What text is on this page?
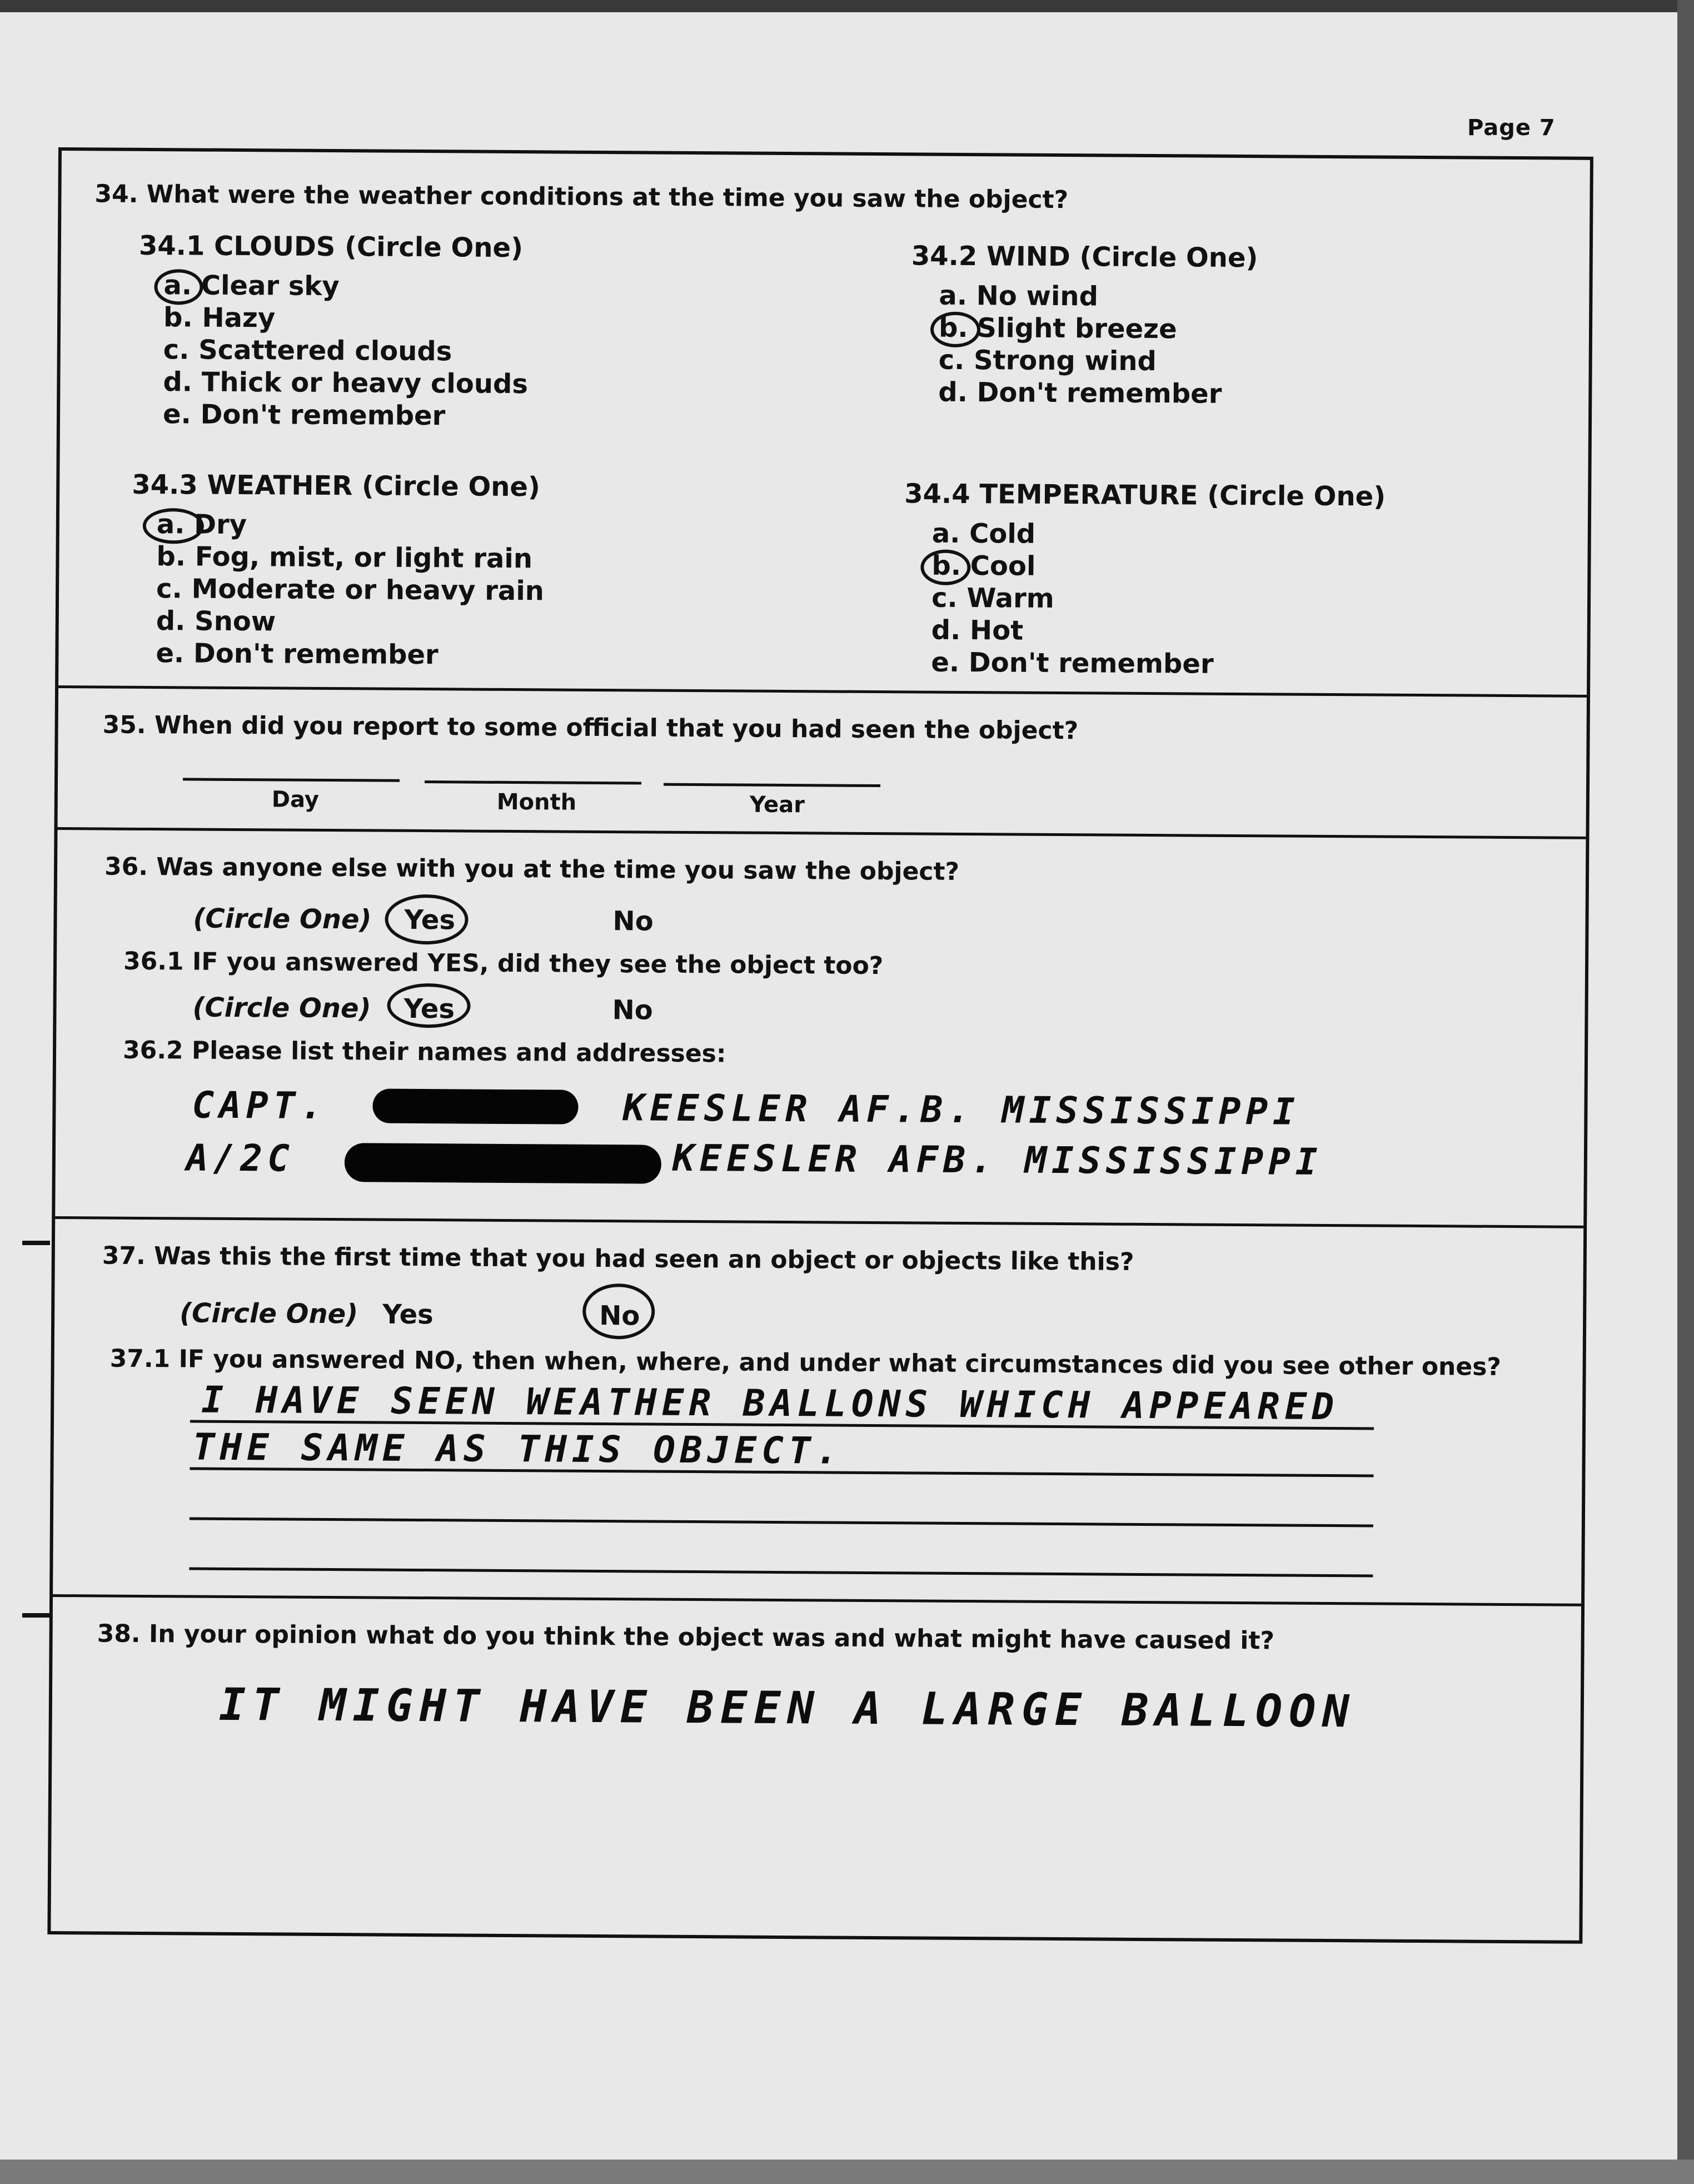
Page 7
34. What were the weather conditions at the time you saw the object?
34.1 CLOUDS (Circle One)
a. Clear sky
b. Hazy
c. Scattered clouds
d. Thick or heavy clouds
e. Don't remember
34.2 WIND (Circle One)
a. No wind
b. Slight breeze
c. Strong wind
d. Don't remember
34.3 WEATHER (Circle One)
a. Dry
b. Fog, mist, or light rain
c. Moderate or heavy rain
d. Snow
e. Don't remember
34.4 TEMPERATURE (Circle One)
a. Cold
b. Cool
c. Warm
d. Hot
e. Don't remember
35. When did you report to some official that you had seen the object?
Day	Month	Year
36. Was anyone else with you at the time you saw the object?
(Circle One) Yes	No
36.1 IF you answered YES, did they see the object too?
(Circle One) Yes	No
36.2 Please list their names and addresses:
CAPT.	KEESLER AF.B. MISSISSIPPI
A/2C	KEESLER AFB. MISSISSIPPI
37. Was this the first time that you had seen an object or objects like this?
(Circle One) Yes	No
37.1 IF you answered NO, then when, where, and under what circumstances did you see other ones?
I HAVE SEEN WEATHER BALLONS WHICH APPEARED
THE SAME AS THIS OBJECT.
38. In your opinion what do you think the object was and what might have caused it?
IT MIGHT HAVE BEEN A LARGE BALLOON
